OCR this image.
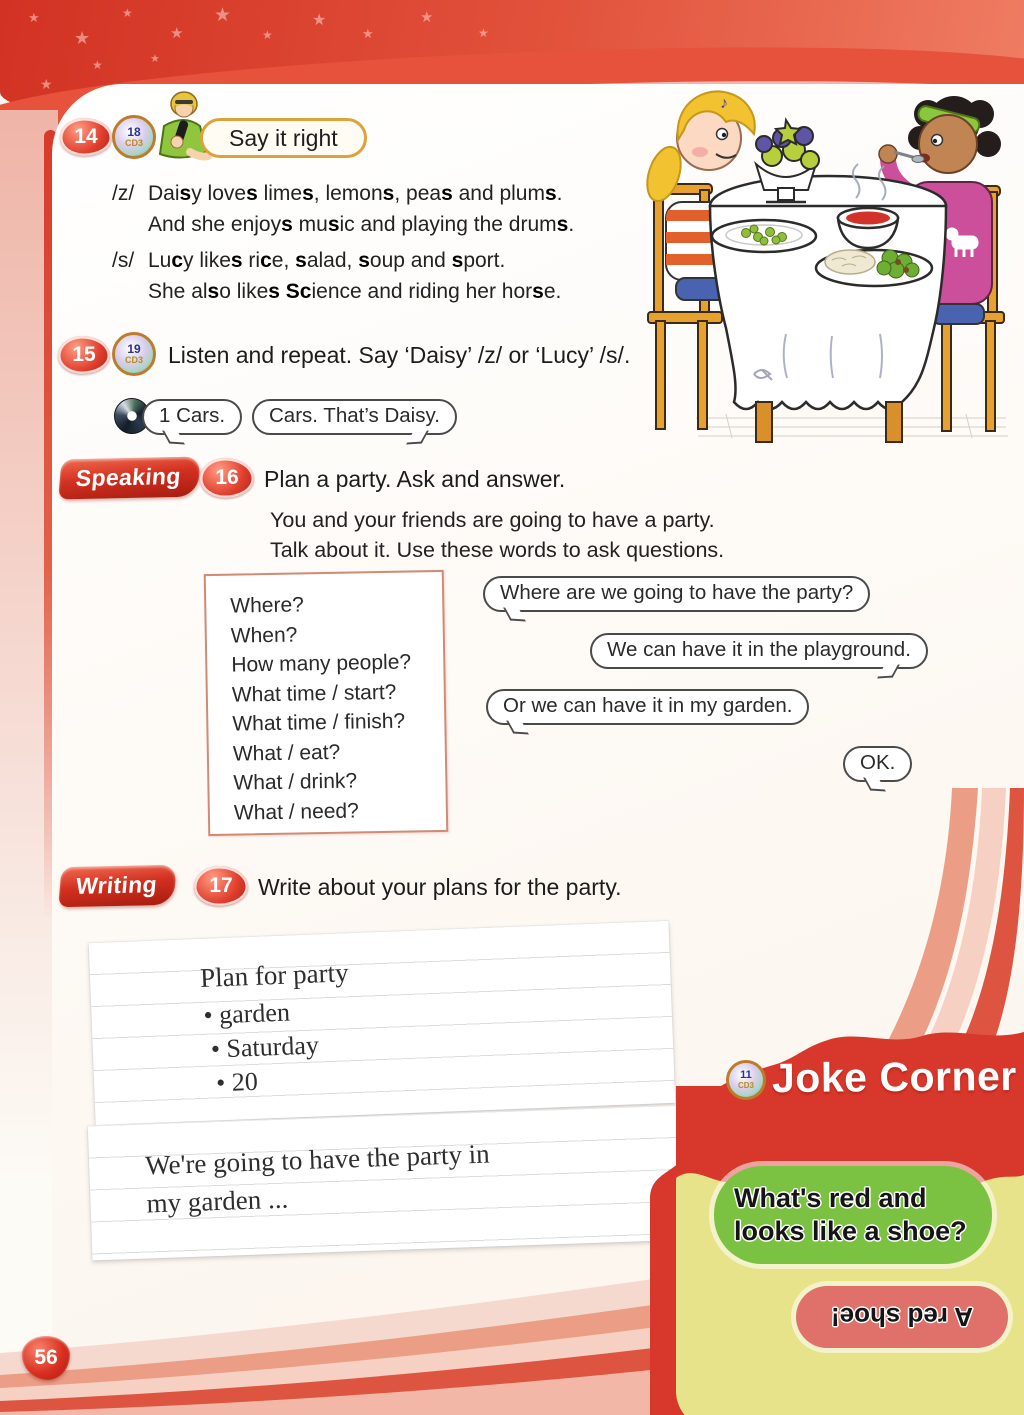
★
★
★
★
★
★
★
★
★
★
★
★
★
14	18
CD3	Say it right
/z/ Daisy loves limes, lemons, peas and plums.
And she enjoys music and playing the drums.
/s/ Lucy likes rice, salad, soup and sport.
She also likes Science and riding her horse.
♪
15	19
CD3 Listen and repeat. Say ‘Daisy’ /z/ or ‘Lucy’ /s/.
1 Cars.	Cars. That’s Daisy.
Speaking	16	Plan a party. Ask and answer.
You and your friends are going to have a party.
Talk about it. Use these words to ask questions.
Where?
When?
How many people?
What time / start?
What time / finish?
What / eat?
What / drink?
What / need?
Where are we going to have the party?
We can have it in the playground.
Or we can have it in my garden.
OK.
Writing	17	Write about your plans for the party.
Plan for party
• garden
• Saturday
• 20
We're going to have the party in
my garden ...
Joke Corner
11
CD3
What's red and
looks like a shoe?
A red shoe!
56
